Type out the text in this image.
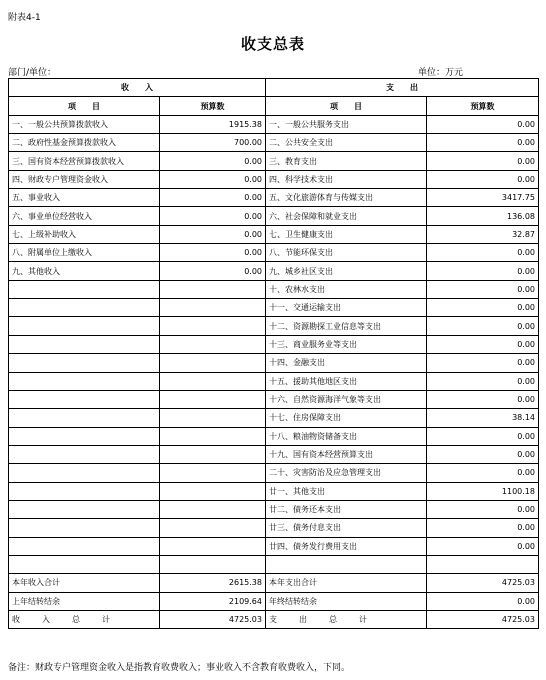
附表4-1
收支总表
部门/单位：	单位：万元
收　　入		支　　出	
项　　目	预算数	项　　目	预算数
一、一般公共预算拨款收入	1915.38	一、一般公共服务支出	0.00
二、政府性基金预算拨款收入	700.00	二、公共安全支出	0.00
三、国有资本经营预算拨款收入	0.00	三、教育支出	0.00
四、财政专户管理资金收入	0.00	四、科学技术支出	0.00
五、事业收入	0.00	五、文化旅游体育与传媒支出	3417.75
六、事业单位经营收入	0.00	六、社会保障和就业支出	136.08
七、上级补助收入	0.00	七、卫生健康支出	32.87
八、附属单位上缴收入	0.00	八、节能环保支出	0.00
九、其他收入	0.00	九、城乡社区支出	0.00
		十、农林水支出	0.00
		十一、交通运输支出	0.00
		十二、资源勘探工业信息等支出	0.00
		十三、商业服务业等支出	0.00
		十四、金融支出	0.00
		十五、援助其他地区支出	0.00
		十六、自然资源海洋气象等支出	0.00
		十七、住房保障支出	38.14
		十八、粮油物资储备支出	0.00
		十九、国有资本经营预算支出	0.00
		二十、灾害防治及应急管理支出	0.00
		廿一、其他支出	1100.18
		廿二、债务还本支出	0.00
		廿三、债务付息支出	0.00
		廿四、债务发行费用支出	0.00

本年收入合计	2615.38	本年支出合计	4725.03
上年结转结余	2109.64	年终结转结余	0.00
收入总计	4725.03	支出总计	4725.03
备注：财政专户管理资金收入是指教育收费收入；事业收入不含教育收费收入，下同。
